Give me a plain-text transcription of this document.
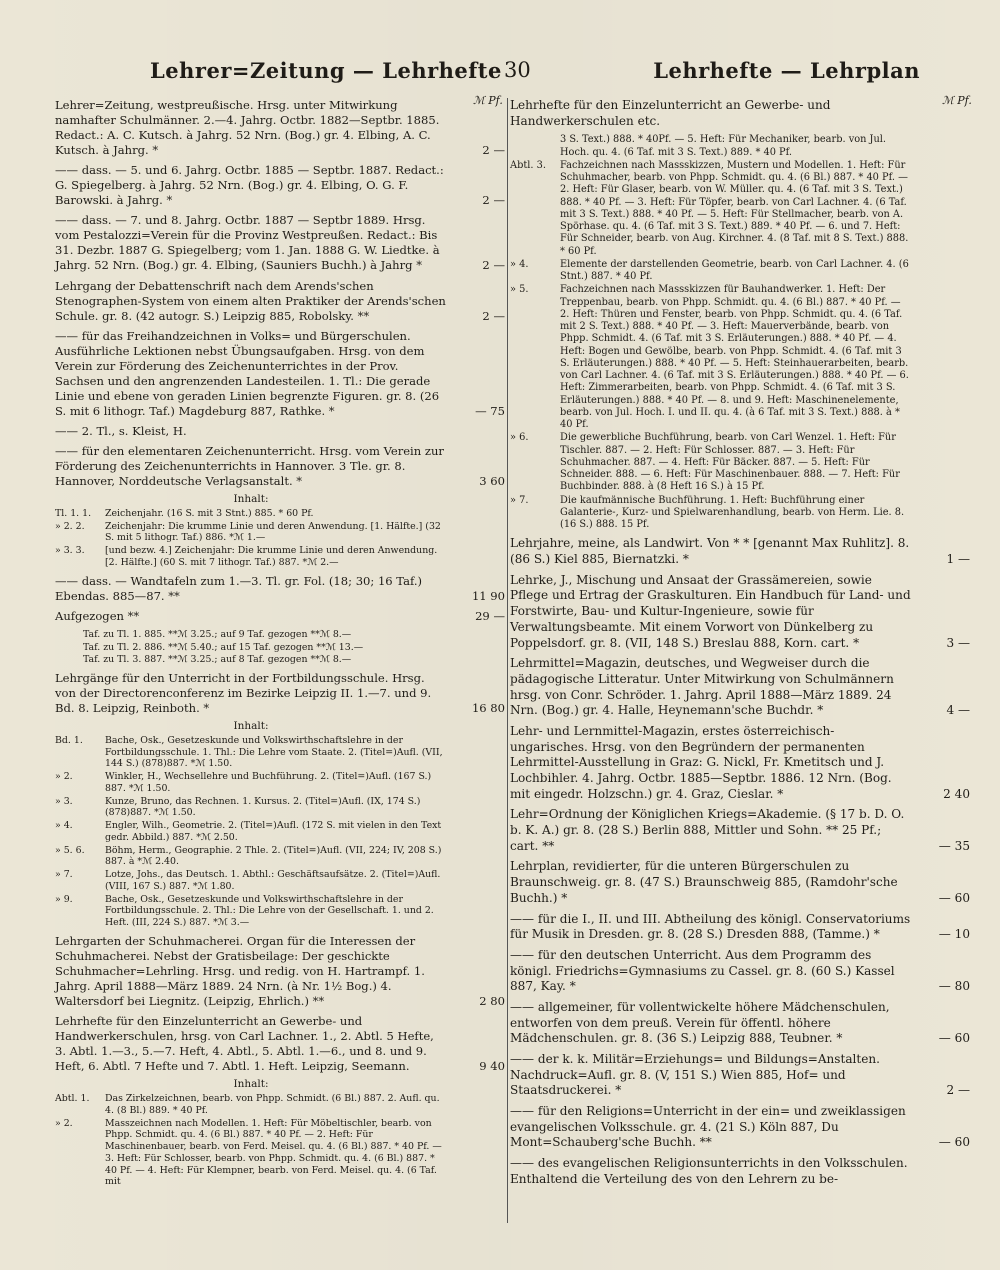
Lehrer=Zeitung — Lehrhefte 30	Lehrhefte — Lehrplan
ℳ Pf.
Lehrer=Zeitung, westpreußische. Hrsg. unter Mitwirkung namhafter Schulmänner. 2.—4. Jahrg. Octbr. 1882—Septbr. 1885. Redact.: A. C. Kutsch. à Jahrg. 52 Nrn. (Bog.) gr. 4. Elbing, A. C. Kutsch. à Jahrg. *	2 —
—— dass. — 5. und 6. Jahrg. Octbr. 1885 — Septbr. 1887. Redact.: G. Spiegelberg. à Jahrg. 52 Nrn. (Bog.) gr. 4. Elbing, O. G. F. Barowski. à Jahrg. *	2 —
—— dass. — 7. und 8. Jahrg. Octbr. 1887 — Septbr 1889. Hrsg. vom Pestalozzi=Verein für die Provinz Westpreußen. Redact.: Bis 31. Dezbr. 1887 G. Spiegelberg; vom 1. Jan. 1888 G. W. Liedtke. à Jahrg. 52 Nrn. (Bog.) gr. 4. Elbing, (Sauniers Buchh.) à Jahrg *	2 —
Lehrgang der Debattenschrift nach dem Arends'schen Stenographen-System von einem alten Praktiker der Arends'schen Schule. gr. 8. (42 autogr. S.) Leipzig 885, Robolsky. **	2 —
—— für das Freihandzeichnen in Volks= und Bürgerschulen. Ausführliche Lektionen nebst Übungsaufgaben. Hrsg. von dem Verein zur Förderung des Zeichenunterrichtes in der Prov. Sachsen und den angrenzenden Landesteilen. 1. Tl.: Die gerade Linie und ebene von geraden Linien begrenzte Figuren. gr. 8. (26 S. mit 6 lithogr. Taf.) Magdeburg 887, Rathke. *	— 75
—— 2. Tl., s. Kleist, H.
—— für den elementaren Zeichenunterricht. Hrsg. vom Verein zur Förderung des Zeichenunterrichts in Hannover. 3 Tle. gr. 8. Hannover, Norddeutsche Verlagsanstalt. *	3 60
Inhalt:
Tl. 1. 1.	Zeichenjahr. (16 S. mit 3 Stnt.) 885. * 60 Pf.
» 2. 2.	Zeichenjahr: Die krumme Linie und deren Anwendung. [1. Hälfte.] (32 S. mit 5 lithogr. Taf.) 886. *ℳ 1.—
» 3. 3.	[und bezw. 4.] Zeichenjahr: Die krumme Linie und deren Anwendung. [2. Hälfte.] (60 S. mit 7 lithogr. Taf.) 887. *ℳ 2.—
—— dass. — Wandtafeln zum 1.—3. Tl. gr. Fol. (18; 30; 16 Taf.) Ebendas. 885—87. **	11 90
Aufgezogen **	29 —
Taf. zu Tl. 1. 885. **ℳ 3.25.; auf 9 Taf. gezogen **ℳ 8.—
Taf. zu Tl. 2. 886. **ℳ 5.40.; auf 15 Taf. gezogen **ℳ 13.—
Taf. zu Tl. 3. 887. **ℳ 3.25.; auf 8 Taf. gezogen **ℳ 8.—
Lehrgänge für den Unterricht in der Fortbildungsschule. Hrsg. von der Directorenconferenz im Bezirke Leipzig II. 1.—7. und 9. Bd. 8. Leipzig, Reinboth. *	16 80
Inhalt:
Bd. 1.	Bache, Osk., Gesetzeskunde und Volkswirthschaftslehre in der Fortbildungsschule. 1. Thl.: Die Lehre vom Staate. 2. (Titel=)Aufl. (VII, 144 S.) (878)887. *ℳ 1.50.
» 2.	Winkler, H., Wechsellehre und Buchführung. 2. (Titel=)Aufl. (167 S.) 887. *ℳ 1.50.
» 3.	Kunze, Bruno, das Rechnen. 1. Kursus. 2. (Titel=)Aufl. (IX, 174 S.) (878)887. *ℳ 1.50.
» 4.	Engler, Wilh., Geometrie. 2. (Titel=)Aufl. (172 S. mit vielen in den Text gedr. Abbild.) 887. *ℳ 2.50.
» 5. 6.	Böhm, Herm., Geographie. 2 Thle. 2. (Titel=)Aufl. (VII, 224; IV, 208 S.) 887. à *ℳ 2.40.
» 7.	Lotze, Johs., das Deutsch. 1. Abthl.: Geschäftsaufsätze. 2. (Titel=)Aufl. (VIII, 167 S.) 887. *ℳ 1.80.
» 9.	Bache, Osk., Gesetzeskunde und Volkswirthschaftslehre in der Fortbildungsschule. 2. Thl.: Die Lehre von der Gesellschaft. 1. und 2. Heft. (III, 224 S.) 887. *ℳ 3.—
Lehrgarten der Schuhmacherei. Organ für die Interessen der Schuhmacherei. Nebst der Gratisbeilage: Der geschickte Schuhmacher=Lehrling. Hrsg. und redig. von H. Hartrampf. 1. Jahrg. April 1888—März 1889. 24 Nrn. (à Nr. 1½ Bog.) 4. Waltersdorf bei Liegnitz. (Leipzig, Ehrlich.) **	2 80
Lehrhefte für den Einzelunterricht an Gewerbe- und Handwerkerschulen, hrsg. von Carl Lachner. 1., 2. Abtl. 5 Hefte, 3. Abtl. 1.—3., 5.—7. Heft, 4. Abtl., 5. Abtl. 1.—6., und 8. und 9. Heft, 6. Abtl. 7 Hefte und 7. Abtl. 1. Heft. Leipzig, Seemann.	9 40
Inhalt:
Abtl. 1.	Das Zirkelzeichnen, bearb. von Phpp. Schmidt. (6 Bl.) 887. 2. Aufl. qu. 4. (8 Bl.) 889. * 40 Pf.
» 2.	Masszeichnen nach Modellen. 1. Heft: Für Möbeltischler, bearb. von Phpp. Schmidt. qu. 4. (6 Bl.) 887. * 40 Pf. — 2. Heft: Für Maschinenbauer, bearb. von Ferd. Meisel. qu. 4. (6 Bl.) 887. * 40 Pf. — 3. Heft: Für Schlosser, bearb. von Phpp. Schmidt. qu. 4. (6 Bl.) 887. * 40 Pf. — 4. Heft: Für Klempner, bearb. von Ferd. Meisel. qu. 4. (6 Taf. mit
ℳ Pf.
Lehrhefte für den Einzelunterricht an Gewerbe- und Handwerkerschulen etc.
3 S. Text.) 888. * 40Pf. — 5. Heft: Für Mechaniker, bearb. von Jul. Hoch. qu. 4. (6 Taf. mit 3 S. Text.) 889. * 40 Pf.
Abtl. 3.	Fachzeichnen nach Massskizzen, Mustern und Modellen. 1. Heft: Für Schuhmacher, bearb. von Phpp. Schmidt. qu. 4. (6 Bl.) 887. * 40 Pf. — 2. Heft: Für Glaser, bearb. von W. Müller. qu. 4. (6 Taf. mit 3 S. Text.) 888. * 40 Pf. — 3. Heft: Für Töpfer, bearb. von Carl Lachner. 4. (6 Taf. mit 3 S. Text.) 888. * 40 Pf. — 5. Heft: Für Stellmacher, bearb. von A. Spörhase. qu. 4. (6 Taf. mit 3 S. Text.) 889. * 40 Pf. — 6. und 7. Heft: Für Schneider, bearb. von Aug. Kirchner. 4. (8 Taf. mit 8 S. Text.) 888. * 60 Pf.
» 4.	Elemente der darstellenden Geometrie, bearb. von Carl Lachner. 4. (6 Stnt.) 887. * 40 Pf.
» 5.	Fachzeichnen nach Massskizzen für Bauhandwerker. 1. Heft: Der Treppenbau, bearb. von Phpp. Schmidt. qu. 4. (6 Bl.) 887. * 40 Pf. — 2. Heft: Thüren und Fenster, bearb. von Phpp. Schmidt. qu. 4. (6 Taf. mit 2 S. Text.) 888. * 40 Pf. — 3. Heft: Mauerverbände, bearb. von Phpp. Schmidt. 4. (6 Taf. mit 3 S. Erläuterungen.) 888. * 40 Pf. — 4. Heft: Bogen und Gewölbe, bearb. von Phpp. Schmidt. 4. (6 Taf. mit 3 S. Erläuterungen.) 888. * 40 Pf. — 5. Heft: Steinhauerarbeiten, bearb. von Carl Lachner. 4. (6 Taf. mit 3 S. Erläuterungen.) 888. * 40 Pf. — 6. Heft: Zimmerarbeiten, bearb. von Phpp. Schmidt. 4. (6 Taf. mit 3 S. Erläuterungen.) 888. * 40 Pf. — 8. und 9. Heft: Maschinenelemente, bearb. von Jul. Hoch. I. und II. qu. 4. (à 6 Taf. mit 3 S. Text.) 888. à * 40 Pf.
» 6.	Die gewerbliche Buchführung, bearb. von Carl Wenzel. 1. Heft: Für Tischler. 887. — 2. Heft: Für Schlosser. 887. — 3. Heft: Für Schuhmacher. 887. — 4. Heft: Für Bäcker. 887. — 5. Heft: Für Schneider. 888. — 6. Heft: Für Maschinenbauer. 888. — 7. Heft: Für Buchbinder. 888. à (8 Heft 16 S.) à 15 Pf.
» 7.	Die kaufmännische Buchführung. 1. Heft: Buchführung einer Galanterie-, Kurz- und Spielwarenhandlung, bearb. von Herm. Lie. 8. (16 S.) 888. 15 Pf.
Lehrjahre, meine, als Landwirt. Von * * [genannt Max Ruhlitz]. 8. (86 S.) Kiel 885, Biernatzki. *	1 —
Lehrke, J., Mischung und Ansaat der Grassämereien, sowie Pflege und Ertrag der Graskulturen. Ein Handbuch für Land- und Forstwirte, Bau- und Kultur-Ingenieure, sowie für Verwaltungsbeamte. Mit einem Vorwort von Dünkelberg zu Poppelsdorf. gr. 8. (VII, 148 S.) Breslau 888, Korn. cart. *	3 —
Lehrmittel=Magazin, deutsches, und Wegweiser durch die pädagogische Litteratur. Unter Mitwirkung von Schulmännern hrsg. von Conr. Schröder. 1. Jahrg. April 1888—März 1889. 24 Nrn. (Bog.) gr. 4. Halle, Heynemann'sche Buchdr. *	4 —
Lehr- und Lernmittel-Magazin, erstes österreichisch-ungarisches. Hrsg. von den Begründern der permanenten Lehrmittel-Ausstellung in Graz: G. Nickl, Fr. Kmetitsch und J. Lochbihler. 4. Jahrg. Octbr. 1885—Septbr. 1886. 12 Nrn. (Bog. mit eingedr. Holzschn.) gr. 4. Graz, Cieslar. *	2 40
Lehr=Ordnung der Königlichen Kriegs=Akademie. (§ 17 b. D. O. b. K. A.) gr. 8. (28 S.) Berlin 888, Mittler und Sohn. ** 25 Pf.; cart. **	— 35
Lehrplan, revidierter, für die unteren Bürgerschulen zu Braunschweig. gr. 8. (47 S.) Braunschweig 885, (Ramdohr'sche Buchh.) *	— 60
—— für die I., II. und III. Abtheilung des königl. Conservatoriums für Musik in Dresden. gr. 8. (28 S.) Dresden 888, (Tamme.) *	— 10
—— für den deutschen Unterricht. Aus dem Programm des königl. Friedrichs=Gymnasiums zu Cassel. gr. 8. (60 S.) Kassel 887, Kay. *	— 80
—— allgemeiner, für vollentwickelte höhere Mädchenschulen, entworfen von dem preuß. Verein für öffentl. höhere Mädchenschulen. gr. 8. (36 S.) Leipzig 888, Teubner. *	— 60
—— der k. k. Militär=Erziehungs= und Bildungs=Anstalten. Nachdruck=Aufl. gr. 8. (V, 151 S.) Wien 885, Hof= und Staatsdruckerei. *	2 —
—— für den Religions=Unterricht in der ein= und zweiklassigen evangelischen Volksschule. gr. 4. (21 S.) Köln 887, Du Mont=Schauberg'sche Buchh. **	— 60
—— des evangelischen Religionsunterrichts in den Volksschulen. Enthaltend die Verteilung des von den Lehrern zu be-
